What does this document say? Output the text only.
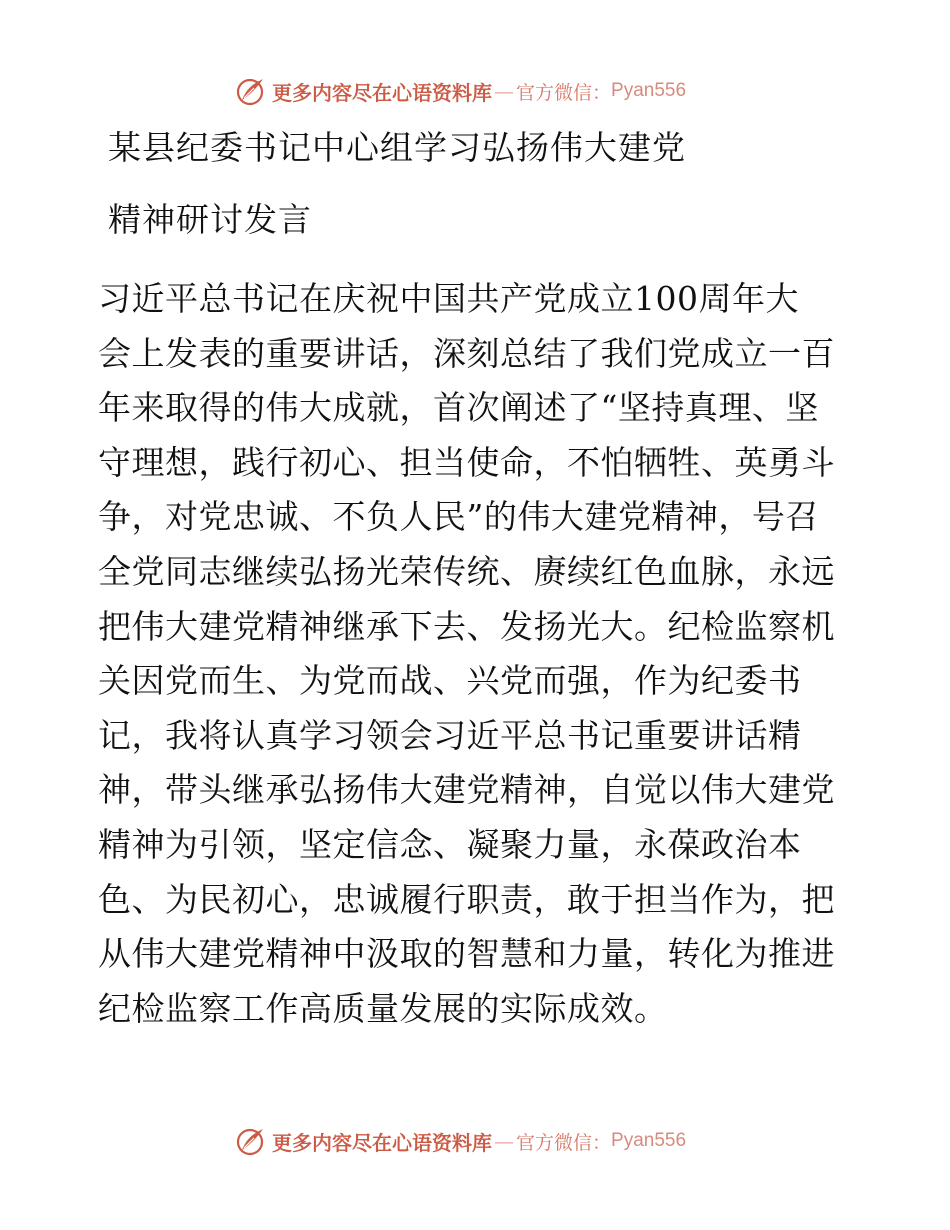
更多内容尽在心语资料库 — 官方微信： Pyan556
某县纪委书记中心组学习弘扬伟大建党
精神研讨发言

习近平总书记在庆祝中国共产党成立100周年大
会上发表的重要讲话，深刻总结了我们党成立一百
年来取得的伟大成就，首次阐述了“坚持真理、坚
守理想，践行初心、担当使命，不怕牺牲、英勇斗
争，对党忠诚、不负人民”的伟大建党精神，号召
全党同志继续弘扬光荣传统、赓续红色血脉，永远
把伟大建党精神继承下去、发扬光大。纪检监察机
关因党而生、为党而战、兴党而强，作为纪委书
记，我将认真学习领会习近平总书记重要讲话精
神，带头继承弘扬伟大建党精神，自觉以伟大建党
精神为引领，坚定信念、凝聚力量，永葆政治本
色、为民初心，忠诚履行职责，敢于担当作为，把
从伟大建党精神中汲取的智慧和力量，转化为推进
纪检监察工作高质量发展的实际成效。

更多内容尽在心语资料库 — 官方微信： Pyan556
